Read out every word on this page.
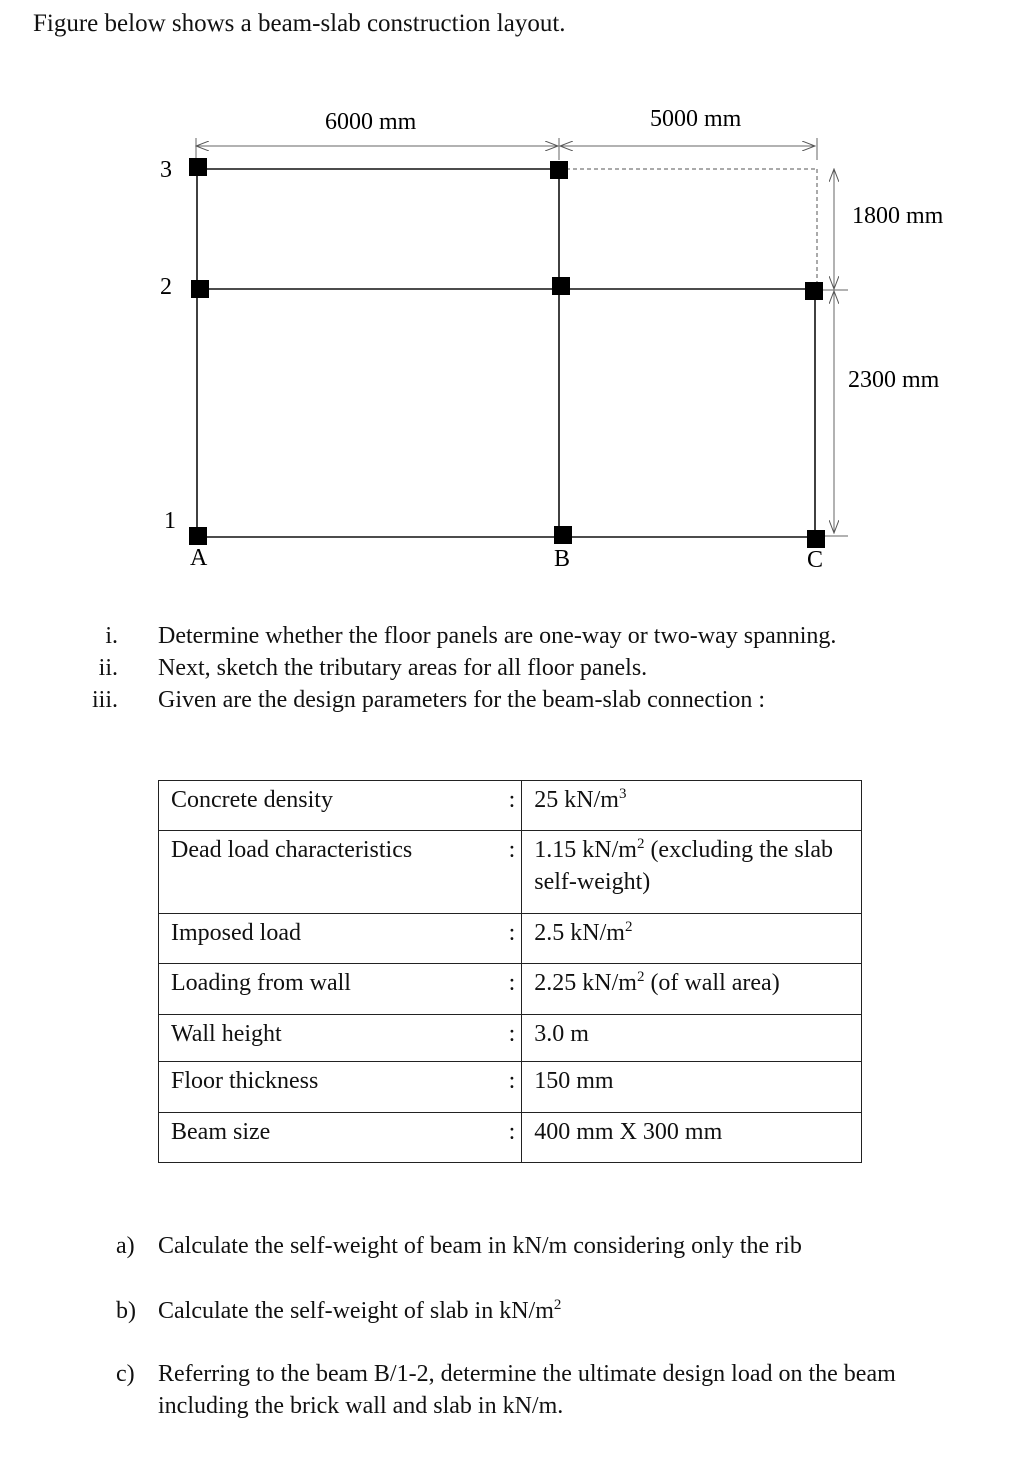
Figure below shows a beam-slab construction layout.
6000 mm	5000 mm
1800 mm
2300 mm
3
2
1
A	B	C
i. Determine whether the floor panels are one-way or two-way spanning.
ii. Next, sketch the tributary areas for all floor panels.
iii. Given are the design parameters for the beam-slab connection :
Concrete density	:	25 $kN/m^3$
Dead load characteristics	:	1.15 $kN/m^2$ (excluding the slab self-weight)
Imposed load	:	2.5 $kN/m^2$
Loading from wall	:	2.25 $kN/m^2$ (of wall area)
Wall height	:	3.0 m
Floor thickness	:	150 mm
Beam size	:	400 mm X 300 mm
a) Calculate the self-weight of beam in kN/m considering only the rib
b) Calculate the self-weight of slab in $kN/m^2$
c) Referring to the beam B/1-2, determine the ultimate design load on the beam including the brick wall and slab in kN/m.
